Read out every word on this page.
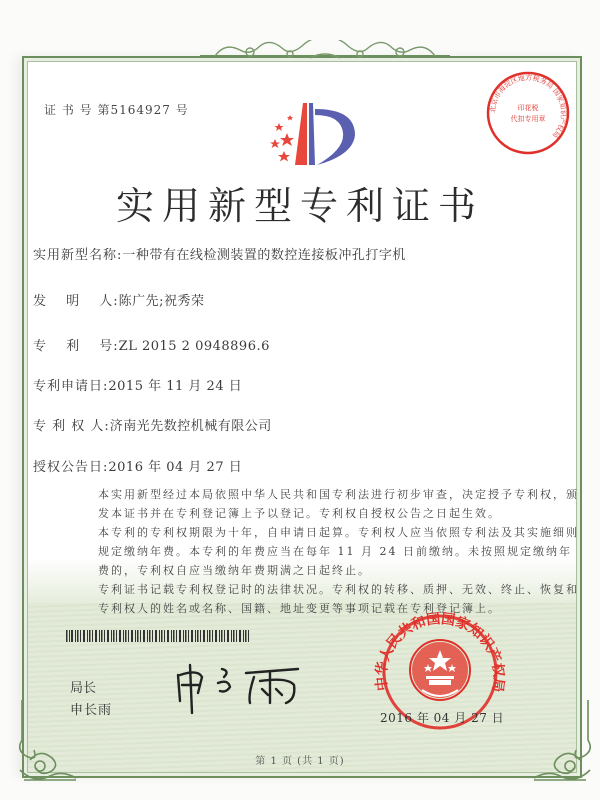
证 书 号 第5164927 号	北京市海淀区地方税务局 国家知识产权局
印花税
代扣专用章
实用新型专利证书
实用新型名称:一种带有在线检测装置的数控连接板冲孔打字机
发　 明　 人:陈广先;祝秀荣
专　 利　 号:ZL 2015 2 0948896.6
专利申请日:2015 年 11 月 24 日
专 利 权 人:济南光先数控机械有限公司
授权公告日:2016 年 04 月 27 日

本实用新型经过本局依照中华人民共和国专利法进行初步审查，决定授予专利权，颁发本证书并在专利登记簿上予以登记。专利权自授权公告之日起生效。

本专利的专利权期限为十年，自申请日起算。专利权人应当依照专利法及其实施细则规定缴纳年费。本专利的年费应当在每年 11 月 24 日前缴纳。未按照规定缴纳年费的，专利权自应当缴纳年费期满之日起终止。

专利证书记载专利权登记时的法律状况。专利权的转移、质押、无效、终止、恢复和专利权人的姓名或名称、国籍、地址变更等事项记载在专利登记簿上。

局长
申长雨
中华人民共和国国家知识产权局
2016 年 04 月 27 日
第 1 页 (共 1 页)
